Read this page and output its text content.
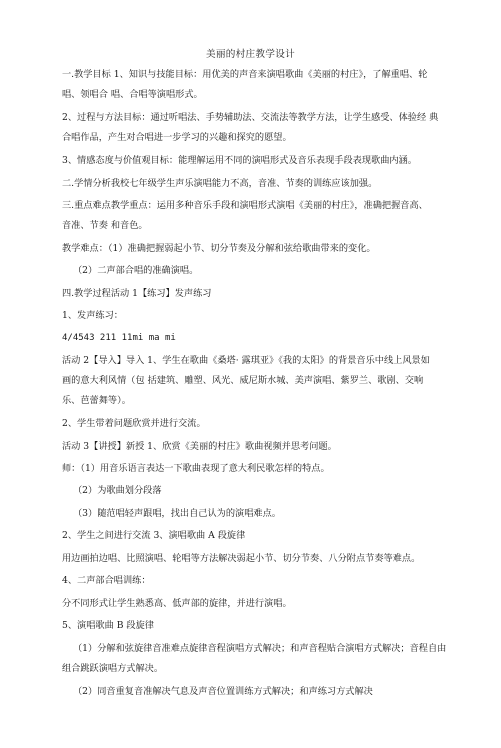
美丽的村庄教学设计
一.教学目标 1、知识与技能目标：用优美的声音来演唱歌曲《美丽的村庄》，了解重唱、轮
唱、领唱合 唱、合唱等演唱形式。
2、过程与方法目标：通过听唱法、手势辅助法、交流法等教学方法，让学生感受、体验经 典
合唱作品，产生对合唱进一步学习的兴趣和探究的愿望。
3、情感态度与价值观目标：能理解运用不同的演唱形式及音乐表现手段表现歌曲内涵。
二.学情分析我校七年级学生声乐演唱能力不高，音准、节奏的训练应该加强。
三.重点难点教学重点：运用多种音乐手段和演唱形式演唱《美丽的村庄》，准确把握音高、
音准、节奏 和音色。
教学难点：（1）准确把握弱起小节、切分节奏及分解和弦给歌曲带来的变化。
（2）二声部合唱的准确演唱。
四.教学过程活动 1【练习】发声练习
1、发声练习：
4/4543 211 11mi ma mi
活动 2【导入】导入 1、学生在歌曲《桑塔· 露琪亚》《我的太阳》的背景音乐中线上风景如
画的意大利风情（包 括建筑、雕塑、风光、威尼斯水城、美声演唱、紫罗兰、歌剧、交响
乐、芭蕾舞等）。
2、学生带着问题欣赏并进行交流。
活动 3【讲授】新授 1、欣赏《美丽的村庄》歌曲视频并思考问题。
师：（1）用音乐语言表达一下歌曲表现了意大利民歌怎样的特点。
（2）为歌曲划分段落
（3）随范唱轻声跟唱，找出自己认为的演唱难点。
2、学生之间进行交流 3、演唱歌曲 A 段旋律
用边画拍边唱、比照演唱、轮唱等方法解决弱起小节、切分节奏、八分附点节奏等难点。
4、二声部合唱训练：
分不同形式让学生熟悉高、低声部的旋律，并进行演唱。
5、演唱歌曲 B 段旋律
（1）分解和弦旋律音准难点旋律音程演唱方式解决；和声音程贴合演唱方式解决；音程自由
组合跳跃演唱方式解决。
（2）同音重复音准解决气息及声音位置训练方式解决；和声练习方式解决
